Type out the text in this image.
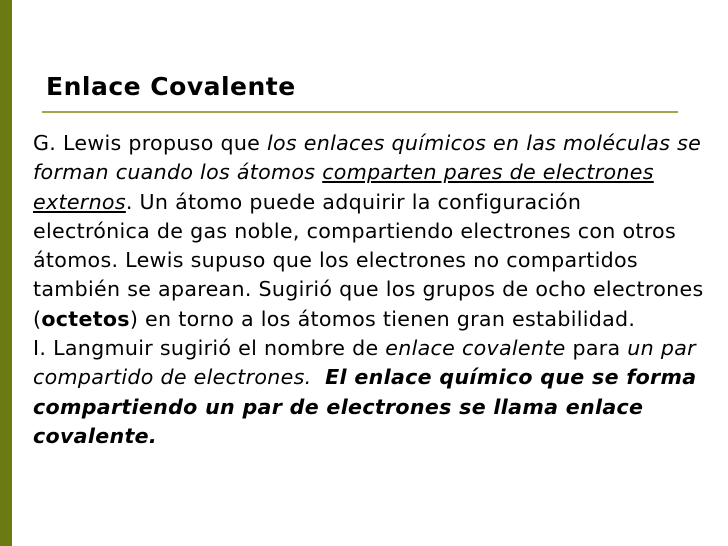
Enlace Covalente

G. Lewis propuso que los enlaces químicos en las moléculas se forman cuando los átomos comparten pares de electrones externos. Un átomo puede adquirir la configuración electrónica de gas noble, compartiendo electrones con otros átomos. Lewis supuso que los electrones no compartidos también se aparean. Sugirió que los grupos de ocho electrones (octetos) en torno a los átomos tienen gran estabilidad.

I. Langmuir sugirió el nombre de enlace covalente para un par compartido de electrones. El enlace químico que se forma compartiendo un par de electrones se llama enlace covalente.
